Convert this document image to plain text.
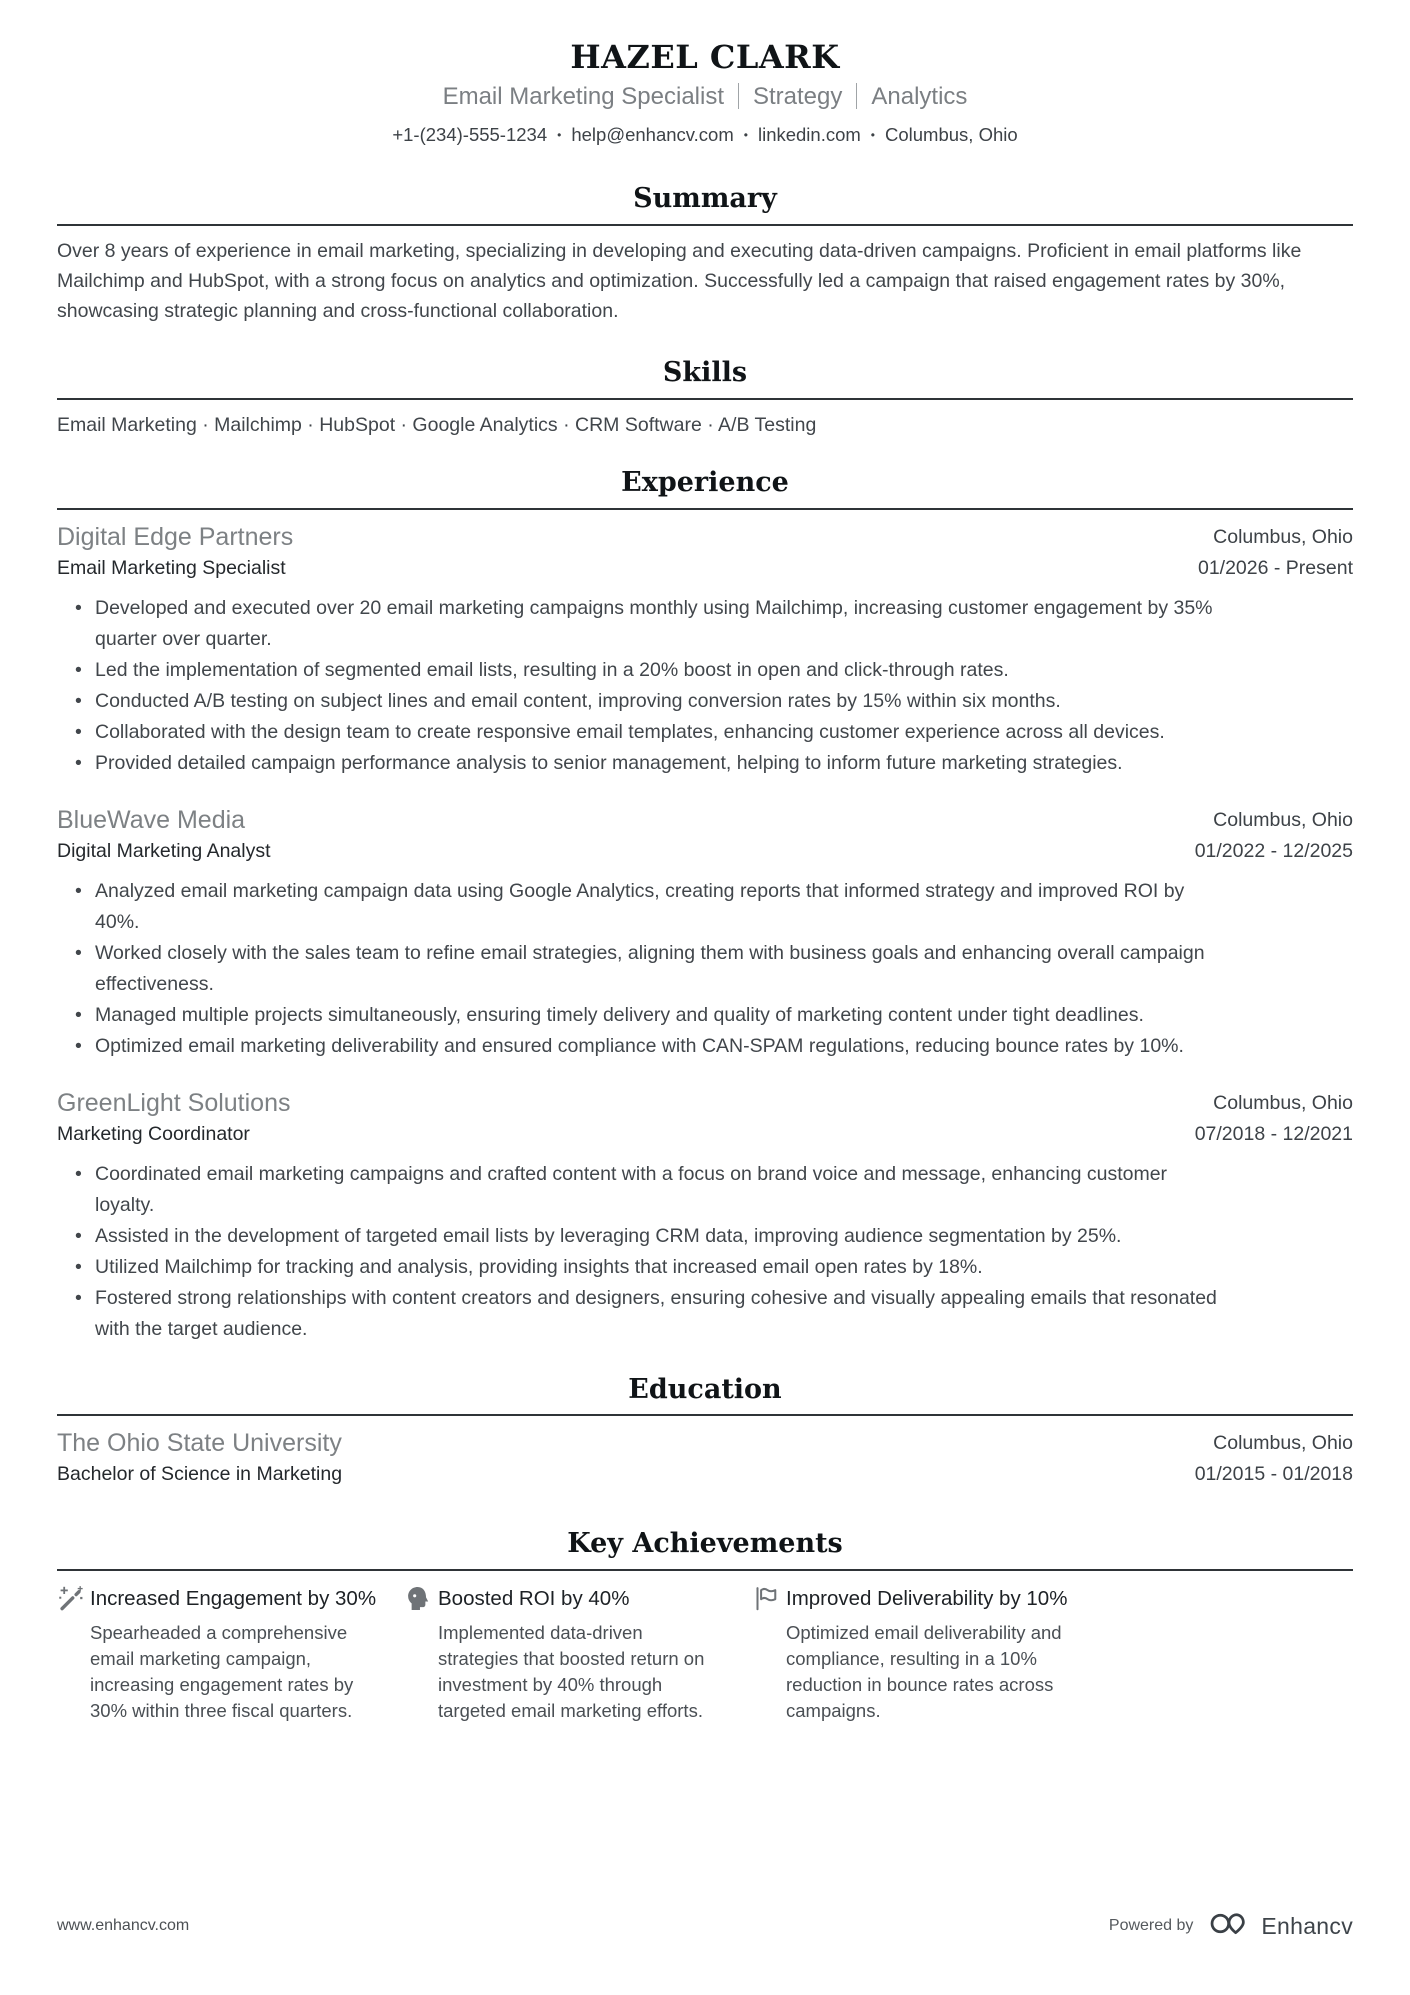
HAZEL CLARK
Email Marketing Specialist Strategy Analytics
+1-(234)-555-1234 • help@enhancv.com • linkedin.com • Columbus, Ohio
Summary

Over 8 years of experience in email marketing, specializing in developing and executing data-driven campaigns. Proficient in email platforms like Mailchimp and HubSpot, with a strong focus on analytics and optimization. Successfully led a campaign that raised engagement rates by 30%, showcasing strategic planning and cross-functional collaboration.

Skills

Email Marketing · Mailchimp · HubSpot · Google Analytics · CRM Software · A/B Testing

Experience
Digital Edge Partners
Email Marketing Specialist
Columbus, Ohio
01/2026 - Present
• Developed and executed over 20 email marketing campaigns monthly using Mailchimp, increasing customer engagement by 35% quarter over quarter.
• Led the implementation of segmented email lists, resulting in a 20% boost in open and click-through rates.
• Conducted A/B testing on subject lines and email content, improving conversion rates by 15% within six months.
• Collaborated with the design team to create responsive email templates, enhancing customer experience across all devices.
• Provided detailed campaign performance analysis to senior management, helping to inform future marketing strategies.
BlueWave Media
Digital Marketing Analyst
Columbus, Ohio
01/2022 - 12/2025
• Analyzed email marketing campaign data using Google Analytics, creating reports that informed strategy and improved ROI by 40%.
• Worked closely with the sales team to refine email strategies, aligning them with business goals and enhancing overall campaign effectiveness.
• Managed multiple projects simultaneously, ensuring timely delivery and quality of marketing content under tight deadlines.
• Optimized email marketing deliverability and ensured compliance with CAN-SPAM regulations, reducing bounce rates by 10%.
GreenLight Solutions
Marketing Coordinator
Columbus, Ohio
07/2018 - 12/2021
• Coordinated email marketing campaigns and crafted content with a focus on brand voice and message, enhancing customer loyalty.
• Assisted in the development of targeted email lists by leveraging CRM data, improving audience segmentation by 25%.
• Utilized Mailchimp for tracking and analysis, providing insights that increased email open rates by 18%.
• Fostered strong relationships with content creators and designers, ensuring cohesive and visually appealing emails that resonated with the target audience.
Education
The Ohio State University
Bachelor of Science in Marketing
Columbus, Ohio
01/2015 - 01/2018
Key Achievements
Increased Engagement by 30%

Spearheaded a comprehensive email marketing campaign, increasing engagement rates by 30% within three fiscal quarters.

Boosted ROI by 40%

Implemented data-driven strategies that boosted return on investment by 40% through targeted email marketing efforts.

Improved Deliverability by 10%

Optimized email deliverability and compliance, resulting in a 10% reduction in bounce rates across campaigns.

www.enhancv.com	Powered by	Enhancv
